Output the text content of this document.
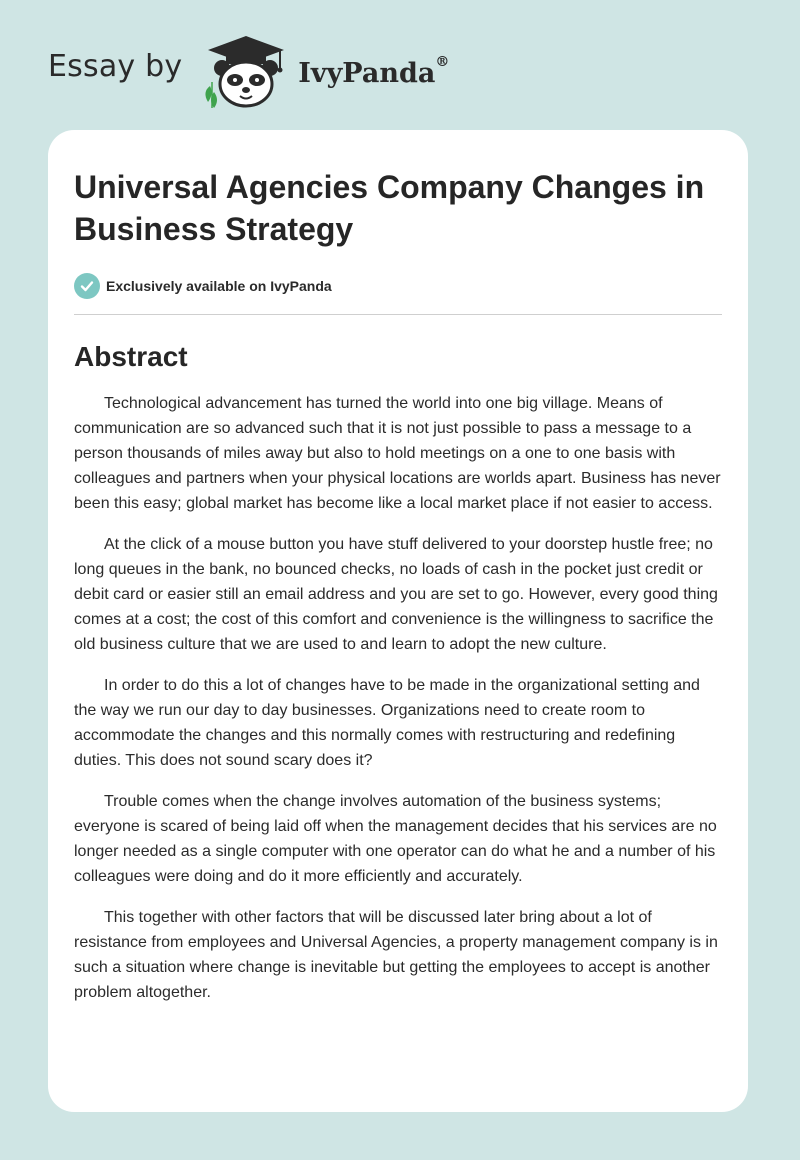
Essay by	IvyPanda®
Universal Agencies Company Changes in Business Strategy
Exclusively available on IvyPanda
Abstract

Technological advancement has turned the world into one big village. Means of communication are so advanced such that it is not just possible to pass a message to a person thousands of miles away but also to hold meetings on a one to one basis with colleagues and partners when your physical locations are worlds apart. Business has never been this easy; global market has become like a local market place if not easier to access.

At the click of a mouse button you have stuff delivered to your doorstep hustle free; no long queues in the bank, no bounced checks, no loads of cash in the pocket just credit or debit card or easier still an email address and you are set to go. However, every good thing comes at a cost; the cost of this comfort and convenience is the willingness to sacrifice the old business culture that we are used to and learn to adopt the new culture.

In order to do this a lot of changes have to be made in the organizational setting and the way we run our day to day businesses. Organizations need to create room to accommodate the changes and this normally comes with restructuring and redefining duties. This does not sound scary does it?

Trouble comes when the change involves automation of the business systems; everyone is scared of being laid off when the management decides that his services are no longer needed as a single computer with one operator can do what he and a number of his colleagues were doing and do it more efficiently and accurately.

This together with other factors that will be discussed later bring about a lot of resistance from employees and Universal Agencies, a property management company is in such a situation where change is inevitable but getting the employees to accept is another problem altogether.
